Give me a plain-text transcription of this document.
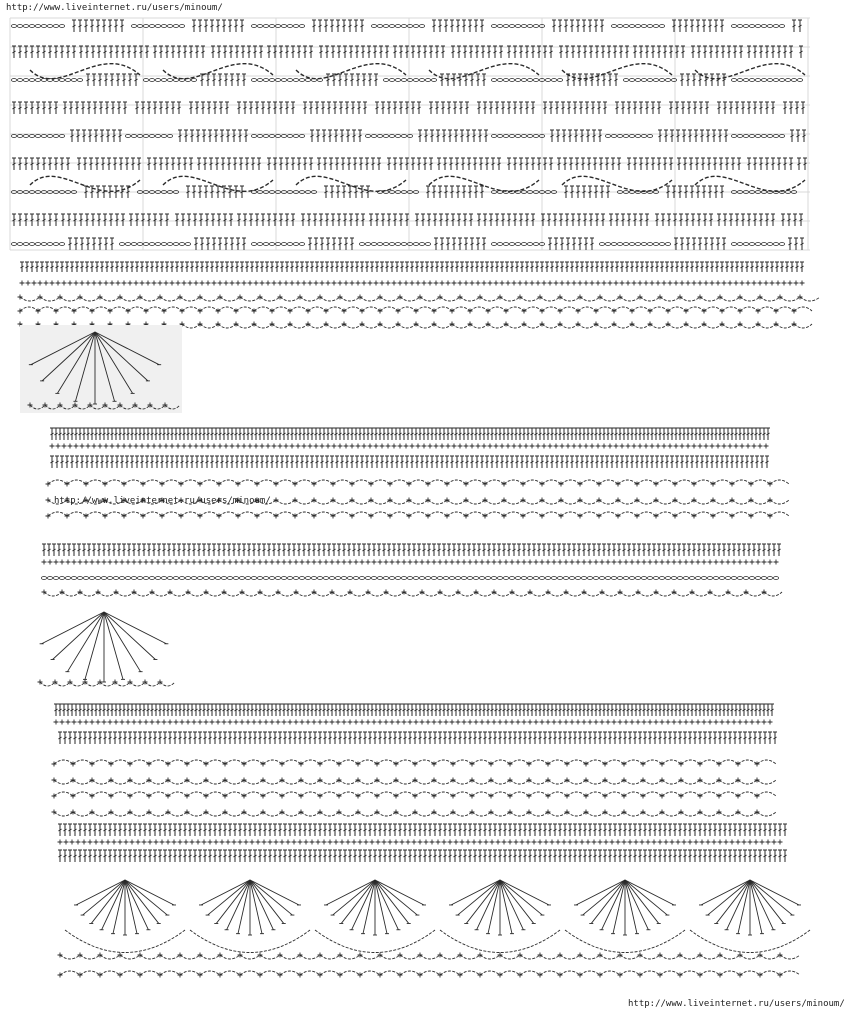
http://www.liveinternet.ru/users/minoum/
http://www.liveinternet.ru/users/minoum/
http://www.liveinternet.ru/users/minoum/
